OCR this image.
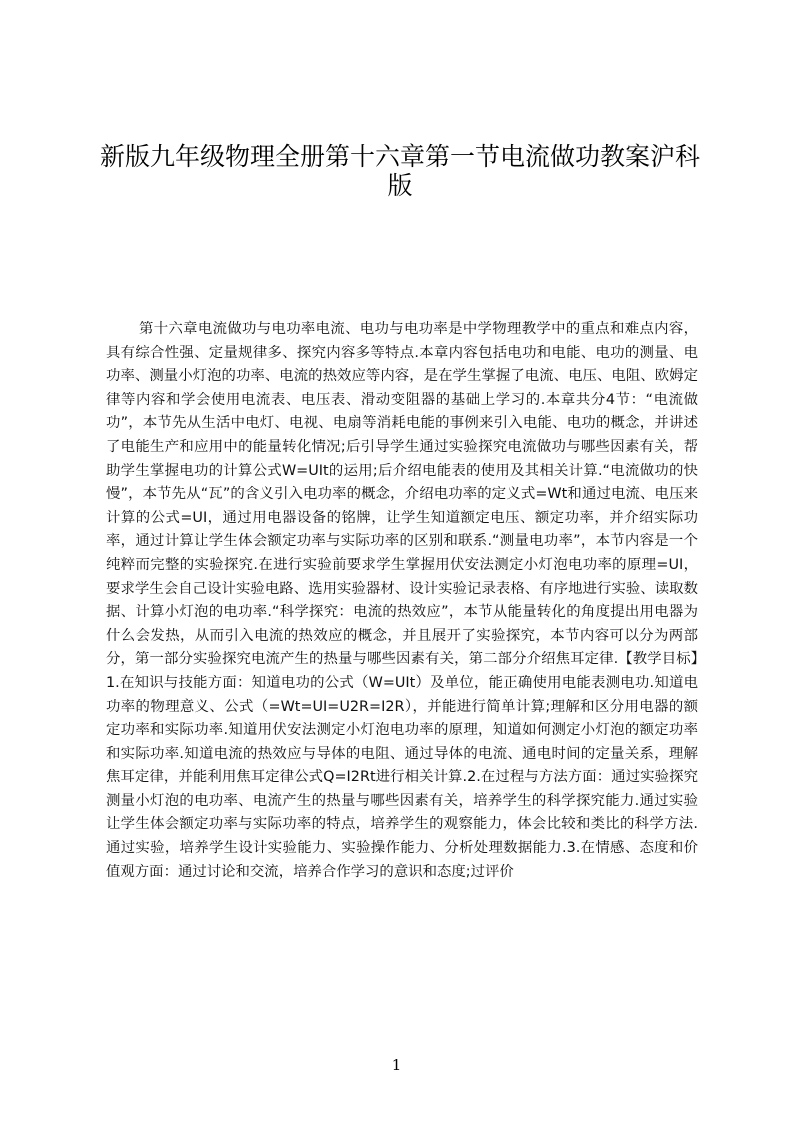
新版九年级物理全册第十六章第一节电流做功教案沪科版

第十六章电流做功与电功率电流、电功与电功率是中学物理教学中的重点和难点内容，具有综合性强、定量规律多、探究内容多等特点.本章内容包括电功和电能、电功的测量、电功率、测量小灯泡的功率、电流的热效应等内容，是在学生掌握了电流、电压、电阻、欧姆定律等内容和学会使用电流表、电压表、滑动变阻器的基础上学习的.本章共分4节：“电流做功”，本节先从生活中电灯、电视、电扇等消耗电能的事例来引入电能、电功的概念，并讲述了电能生产和应用中的能量转化情况;后引导学生通过实验探究电流做功与哪些因素有关，帮助学生掌握电功的计算公式W=UIt的运用;后介绍电能表的使用及其相关计算.“电流做功的快慢”，本节先从“瓦”的含义引入电功率的概念，介绍电功率的定义式=Wt和通过电流、电压来计算的公式=UI，通过用电器设备的铭牌，让学生知道额定电压、额定功率，并介绍实际功率，通过计算让学生体会额定功率与实际功率的区别和联系.“测量电功率”，本节内容是一个纯粹而完整的实验探究.在进行实验前要求学生掌握用伏安法测定小灯泡电功率的原理=UI，要求学生会自己设计实验电路、选用实验器材、设计实验记录表格、有序地进行实验、读取数据、计算小灯泡的电功率.“科学探究：电流的热效应”，本节从能量转化的角度提出用电器为什么会发热，从而引入电流的热效应的概念，并且展开了实验探究，本节内容可以分为两部分，第一部分实验探究电流产生的热量与哪些因素有关，第二部分介绍焦耳定律.【教学目标】1.在知识与技能方面：知道电功的公式（W=UIt）及单位，能正确使用电能表测电功.知道电功率的物理意义、公式（=Wt=UI=U2R=I2R），并能进行简单计算;理解和区分用电器的额定功率和实际功率.知道用伏安法测定小灯泡电功率的原理，知道如何测定小灯泡的额定功率和实际功率.知道电流的热效应与导体的电阻、通过导体的电流、通电时间的定量关系，理解焦耳定律，并能利用焦耳定律公式Q=I2Rt进行相关计算.2.在过程与方法方面：通过实验探究测量小灯泡的电功率、电流产生的热量与哪些因素有关，培养学生的科学探究能力.通过实验让学生体会额定功率与实际功率的特点，培养学生的观察能力，体会比较和类比的科学方法.通过实验，培养学生设计实验能力、实验操作能力、分析处理数据能力.3.在情感、态度和价值观方面：通过讨论和交流，培养合作学习的意识和态度;过评价

1
